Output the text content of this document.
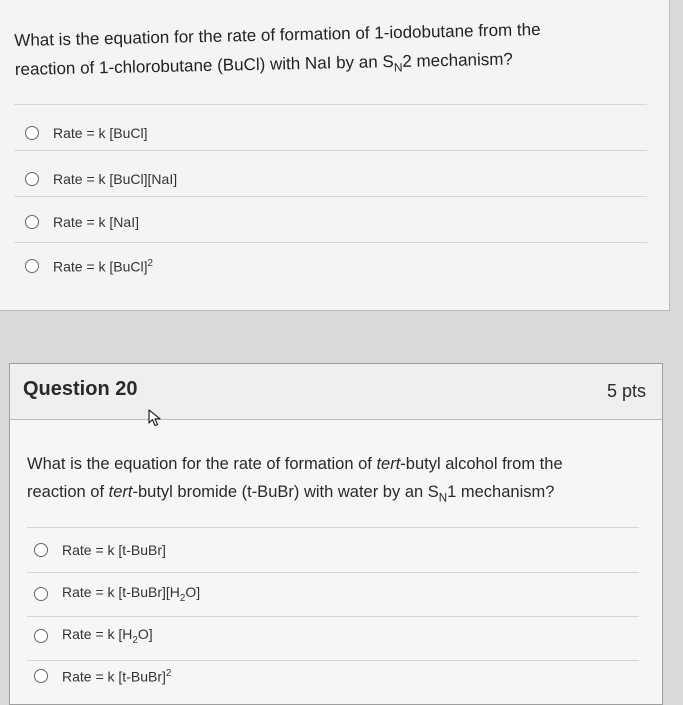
What is the equation for the rate of formation of 1-iodobutane from the
reaction of 1-chlorobutane (BuCl) with NaI by an $S_N2$ mechanism?
Rate = k [BuCl]
Rate = k [BuCl][NaI]
Rate = k [NaI]
Rate = k [BuCl]$^2$
Question 20	5 pts
What is the equation for the rate of formation of tert-butyl alcohol from the
reaction of tert-butyl bromide (t-BuBr) with water by an $S_N1$ mechanism?
Rate = k [t-BuBr]
Rate = k $[t-BuBr][H_2O]$
Rate = k $[H_2O]$
Rate = k [t-BuBr]$^2$
